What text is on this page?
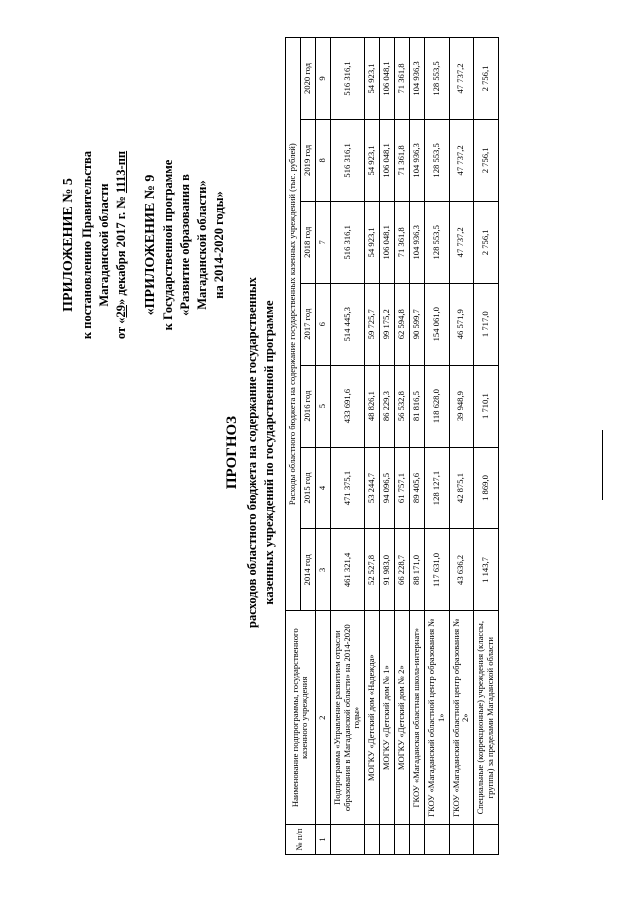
ПРИЛОЖЕНИЕ № 5 к постановлению Правительства Магаданской области
от «29» декабря 2017 г. № 1113-пп
«ПРИЛОЖЕНИЕ № 9 к Государственной программе «Развитие образования в Магаданской области» на 2014-2020 годы»
ПРОГНОЗ расходов областного бюджета на содержание государственных казенных учреждений по государственной программе
№ п/п	Наименование подпрограммы, государственного казенного учреждения	Расходы областного бюджета на содержание государственных казенных учреждений (тыс. рублей)						
		2014 год	2015 год	2016 год	2017 год	2018 год	2019 год	2020 год
1	2	3	4	5	6	7	8	9
	Подпрограмма «Управление развитием отрасли образования в Магаданской области» на 2014-2020 годы»	461 321,4	471 375,1	433 691,6	514 445,3	516 316,1	516 316,1	516 316,1
	МОГКУ «Детский дом «Надежда»	52 527,8	53 244,7	48 826,1	59 725,7	54 923,1	54 923,1	54 923,1
	МОГКУ «Детский дом № 1»	91 983,0	94 096,5	86 229,3	99 175,2	106 048,1	106 048,1	106 048,1
	МОГКУ «Детский дом № 2»	66 228,7	61 757,1	56 532,8	62 594,8	71 361,8	71 361,8	71 361,8
	ГКОУ «Магаданская областная школа-интернат»	88 171,0	89 405,6	81 816,5	90 599,7	104 936,3	104 936,3	104 936,3
	ГКОУ «Магаданский областной центр образования № 1»	117 631,0	128 127,1	118 628,0	154 061,0	128 553,5	128 553,5	128 553,5
	ГКОУ «Магаданский областной центр образования № 2»	43 636,2	42 875,1	39 948,9	46 571,9	47 737,2	47 737,2	47 737,2
	Специальные (коррекционные) учреждения (классы, группы) за пределами Магаданской области	1 143,7	1 869,0	1 710,1	1 717,0	2 756,1	2 756,1	2 756,1
